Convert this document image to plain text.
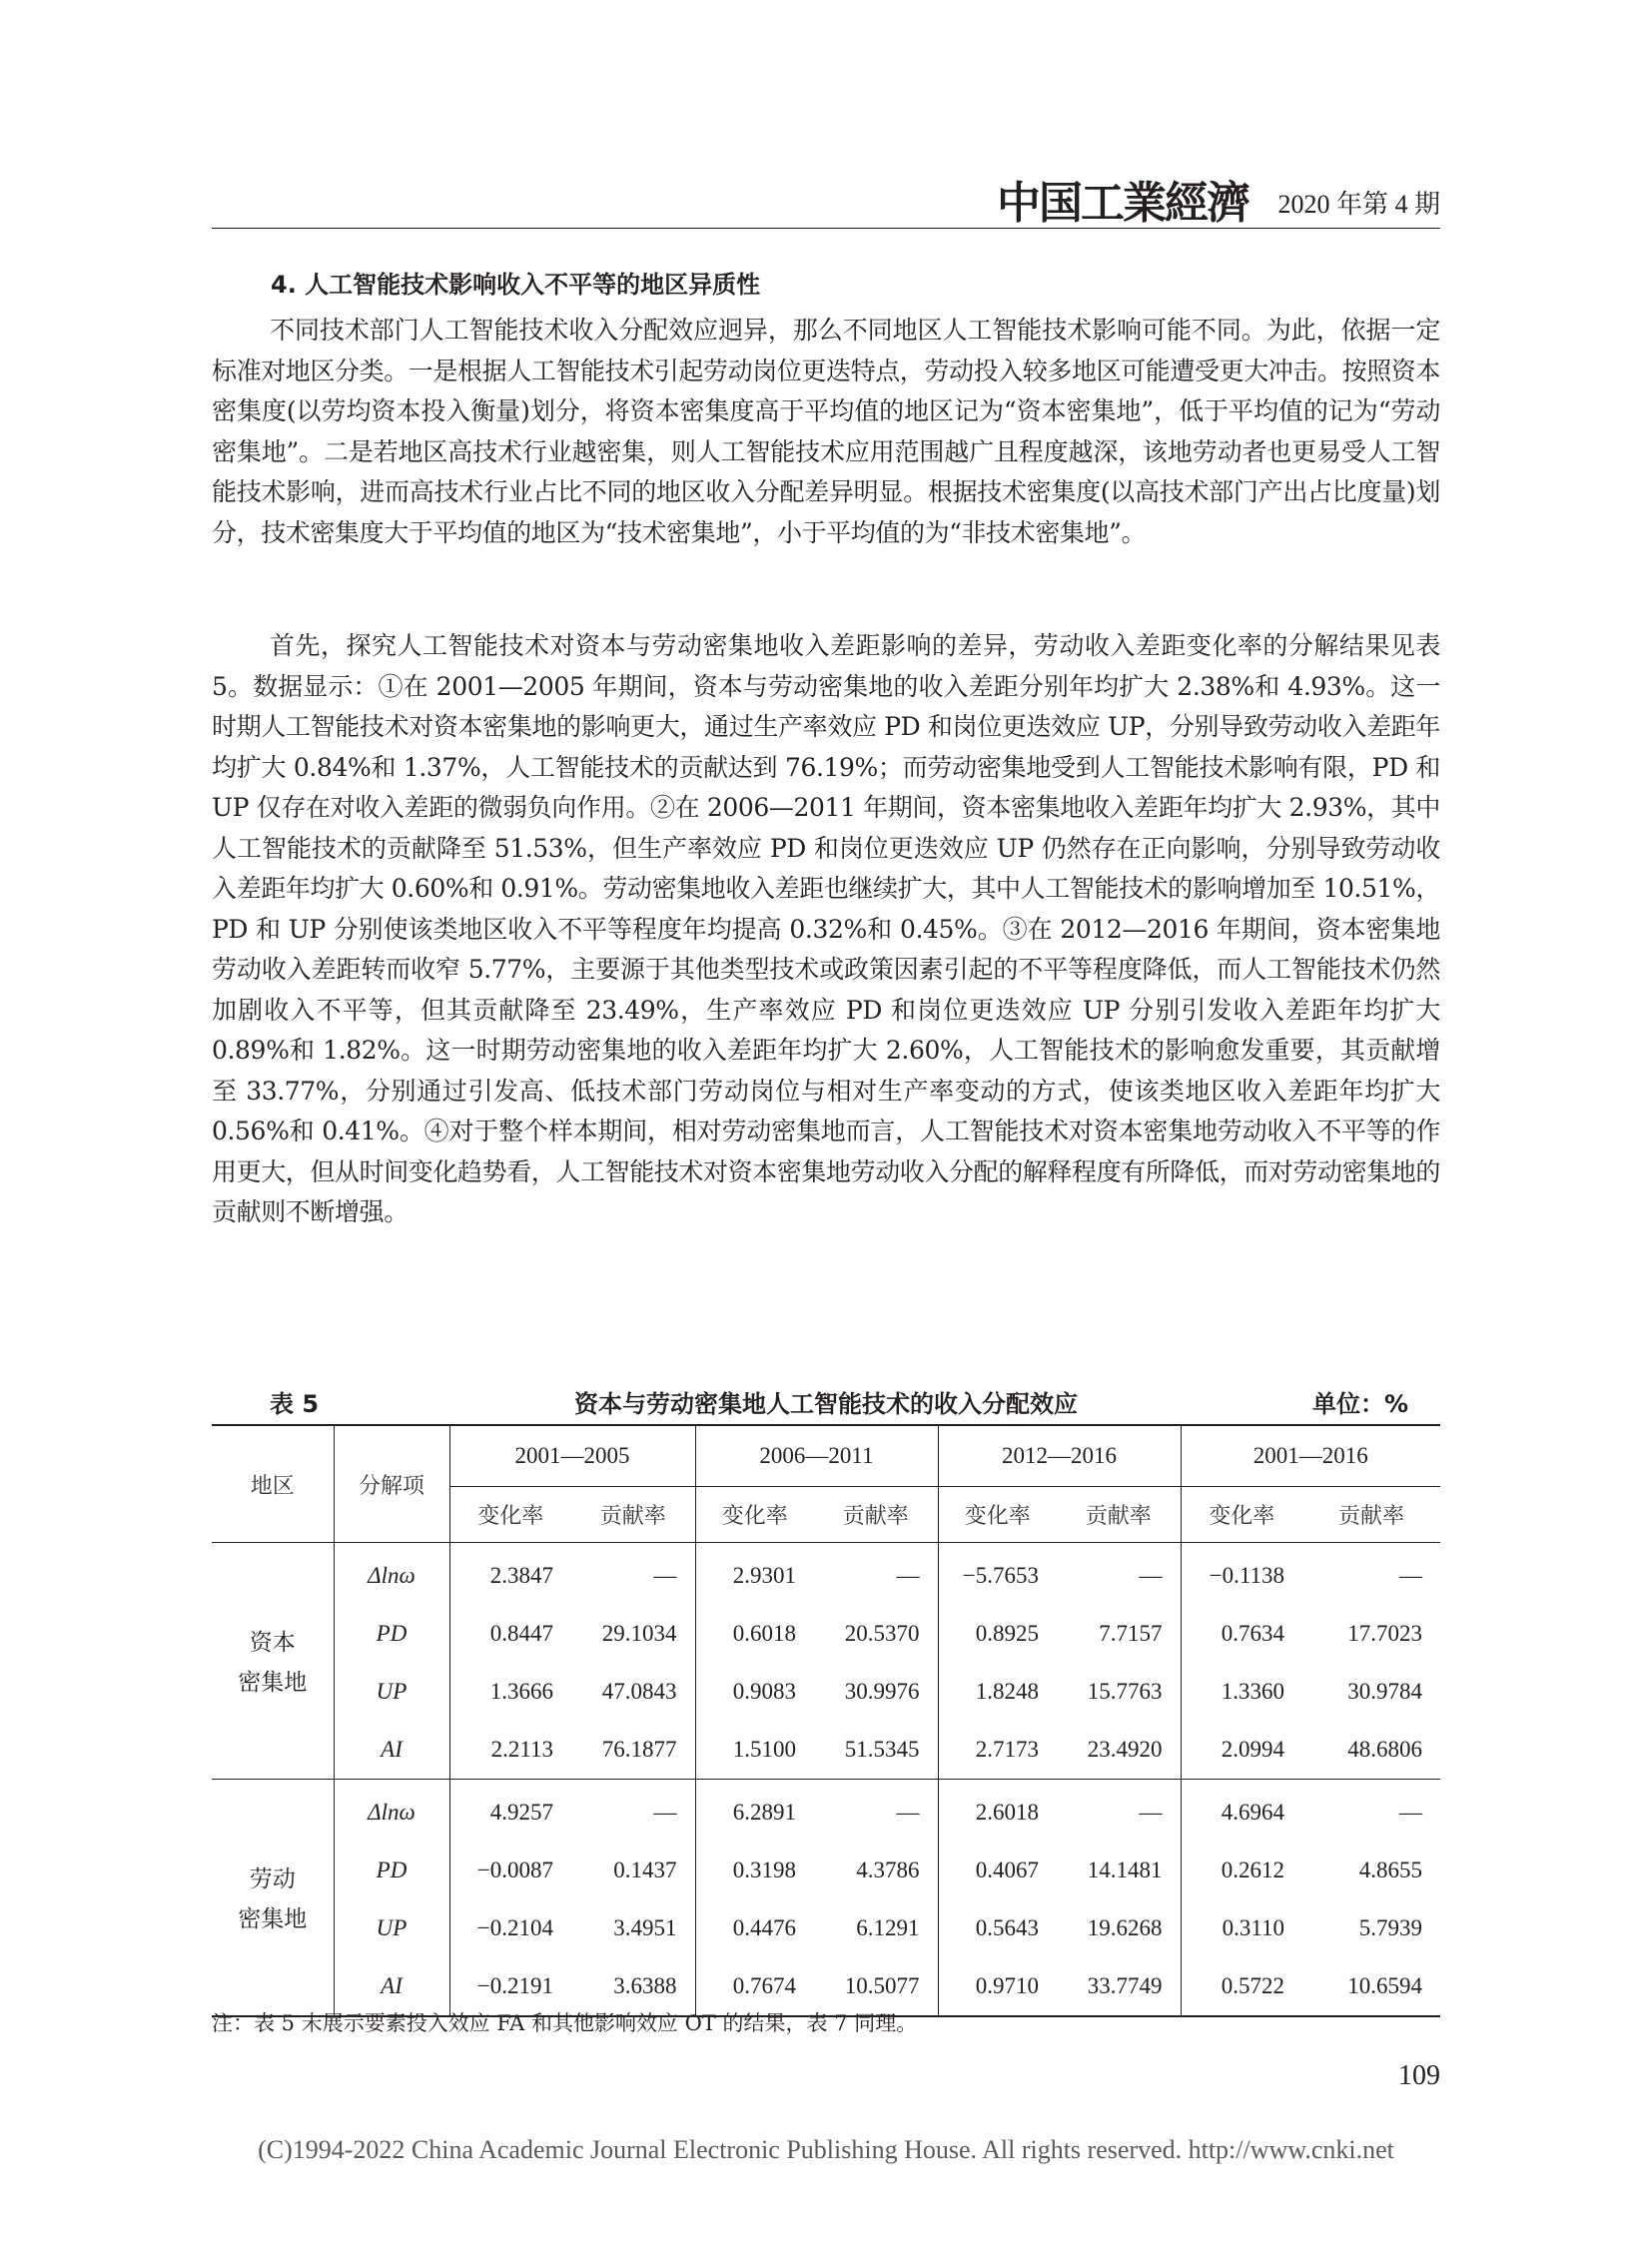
中国工業經濟 2020 年第 4 期
4. 人工智能技术影响收入不平等的地区异质性

不同技术部门人工智能技术收入分配效应迥异，那么不同地区人工智能技术影响可能不同。为此，依据一定标准对地区分类。一是根据人工智能技术引起劳动岗位更迭特点，劳动投入较多地区可能遭受更大冲击。按照资本密集度(以劳均资本投入衡量)划分，将资本密集度高于平均值的地区记为“资本密集地”，低于平均值的记为“劳动密集地”。二是若地区高技术行业越密集，则人工智能技术应用范围越广且程度越深，该地劳动者也更易受人工智能技术影响，进而高技术行业占比不同的地区收入分配差异明显。根据技术密集度(以高技术部门产出占比度量)划分，技术密集度大于平均值的地区为“技术密集地”，小于平均值的为“非技术密集地”。

首先，探究人工智能技术对资本与劳动密集地收入差距影响的差异，劳动收入差距变化率的分解结果见表 5。数据显示：①在 2001—2005 年期间，资本与劳动密集地的收入差距分别年均扩大 2.38%和 4.93%。这一时期人工智能技术对资本密集地的影响更大，通过生产率效应 PD 和岗位更迭效应 UP，分别导致劳动收入差距年均扩大 0.84%和 1.37%，人工智能技术的贡献达到 76.19%；而劳动密集地受到人工智能技术影响有限，PD 和 UP 仅存在对收入差距的微弱负向作用。②在 2006—2011 年期间，资本密集地收入差距年均扩大 2.93%，其中人工智能技术的贡献降至 51.53%，但生产率效应 PD 和岗位更迭效应 UP 仍然存在正向影响，分别导致劳动收入差距年均扩大 0.60%和 0.91%。劳动密集地收入差距也继续扩大，其中人工智能技术的影响增加至 10.51%，PD 和 UP 分别使该类地区收入不平等程度年均提高 0.32%和 0.45%。③在 2012—2016 年期间，资本密集地劳动收入差距转而收窄 5.77%，主要源于其他类型技术或政策因素引起的不平等程度降低，而人工智能技术仍然加剧收入不平等，但其贡献降至 23.49%，生产率效应 PD 和岗位更迭效应 UP 分别引发收入差距年均扩大 0.89%和 1.82%。这一时期劳动密集地的收入差距年均扩大 2.60%，人工智能技术的影响愈发重要，其贡献增至 33.77%，分别通过引发高、低技术部门劳动岗位与相对生产率变动的方式，使该类地区收入差距年均扩大 0.56%和 0.41%。④对于整个样本期间，相对劳动密集地而言，人工智能技术对资本密集地劳动收入不平等的作用更大，但从时间变化趋势看，人工智能技术对资本密集地劳动收入分配的解释程度有所降低，而对劳动密集地的贡献则不断增强。

表 5	资本与劳动密集地人工智能技术的收入分配效应	单位：%
地区	分解项	2001—2005		2006—2011		2012—2016		2001—2016	
		变化率	贡献率	变化率	贡献率	变化率	贡献率	变化率	贡献率

资本
密集地	Δlnω	2.3847	—	2.9301	—	−5.7653	—	−0.1138	—
	PD	0.8447	29.1034	0.6018	20.5370	0.8925	7.7157	0.7634	17.7023
	UP	1.3666	47.0843	0.9083	30.9976	1.8248	15.7763	1.3360	30.9784
	AI	2.2113	76.1877	1.5100	51.5345	2.7173	23.4920	2.0994	48.6806

劳动
密集地	Δlnω	4.9257	—	6.2891	—	2.6018	—	4.6964	—
	PD	−0.0087	0.1437	0.3198	4.3786	0.4067	14.1481	0.2612	4.8655
	UP	−0.2104	3.4951	0.4476	6.1291	0.5643	19.6268	0.3110	5.7939
	AI	−0.2191	3.6388	0.7674	10.5077	0.9710	33.7749	0.5722	10.6594
注：表 5 未展示要素投入效应 FA 和其他影响效应 OT 的结果，表 7 同理。
109
(C)1994-2022 China Academic Journal Electronic Publishing House. All rights reserved. http://www.cnki.net
